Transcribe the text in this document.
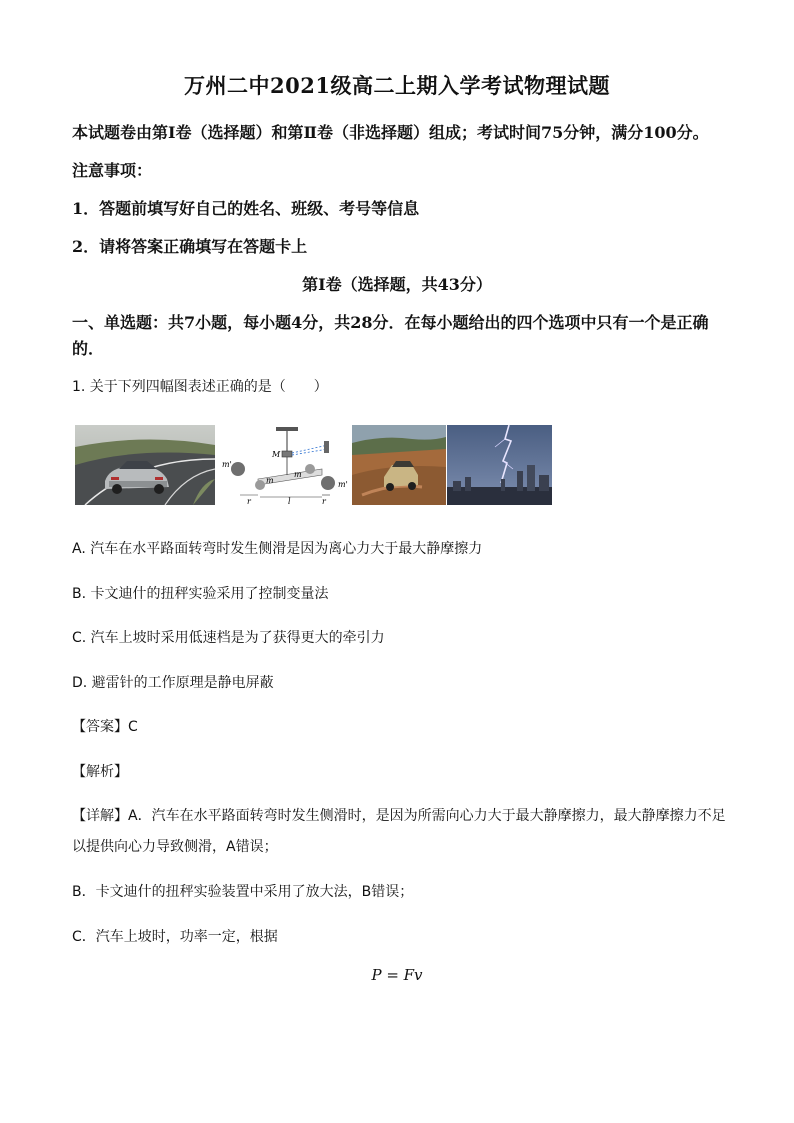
万州二中2021级高二上期入学考试物理试题
本试题卷由第Ⅰ卷（选择题）和第Ⅱ卷（非选择题）组成；考试时间75分钟，满分100分。
注意事项：
1．答题前填写好自己的姓名、班级、考号等信息
2．请将答案正确填写在答题卡上
第Ⅰ卷（选择题，共43分）
一、单选题：共7小题，每小题4分，共28分．在每小题给出的四个选项中只有一个是正确
的．
1. 关于下列四幅图表述正确的是（　　）
M
m'
m
m
m'
r	l	r
A. 汽车在水平路面转弯时发生侧滑是因为离心力大于最大静摩擦力
B. 卡文迪什的扭秤实验采用了控制变量法
C. 汽车上坡时采用低速档是为了获得更大的牵引力
D. 避雷针的工作原理是静电屏蔽
【答案】C
【解析】
【详解】A．汽车在水平路面转弯时发生侧滑时，是因为所需向心力大于最大静摩擦力，最大静摩擦力不足
以提供向心力导致侧滑，A错误；
B．卡文迪什的扭秤实验装置中采用了放大法，B错误；
C．汽车上坡时，功率一定，根据
P = Fv
